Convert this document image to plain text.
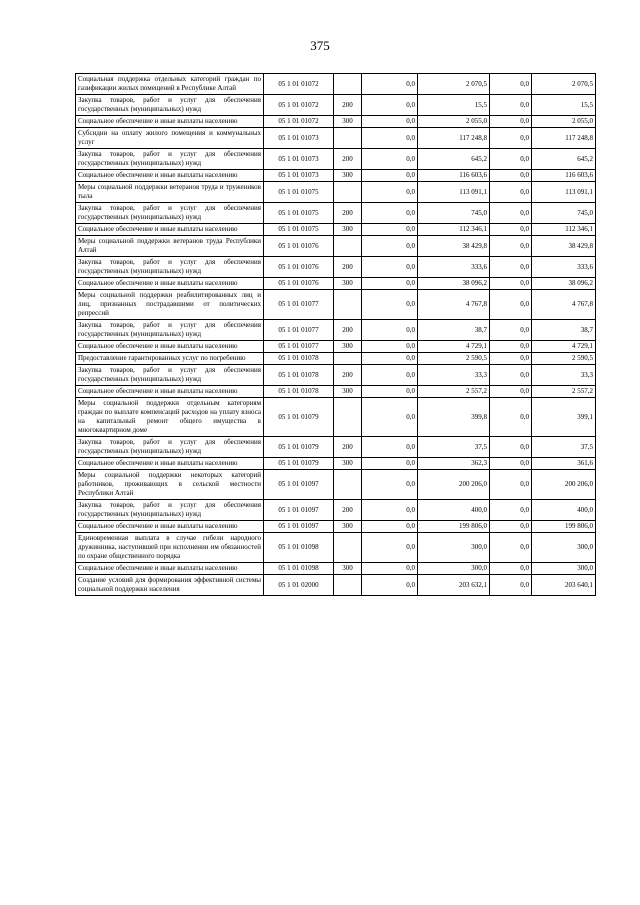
375
Социальная поддержка отдельных категорий граждан по газификации жилых помещений в Республике Алтай	05 1 01 01072		0,0	2 070,5	0,0	2 070,5
Закупка товаров, работ и услуг для обеспечения государственных (муниципальных) нужд	05 1 01 01072	200	0,0	15,5	0,0	15,5
Социальное обеспечение и иные выплаты населению	05 1 01 01072	300	0,0	2 055,0	0,0	2 055,0
Субсидии на оплату жилого помещения и коммунальных услуг	05 1 01 01073		0,0	117 248,8	0,0	117 248,8
Закупка товаров, работ и услуг для обеспечения государственных (муниципальных) нужд	05 1 01 01073	200	0,0	645,2	0,0	645,2
Социальное обеспечение и иные выплаты населению	05 1 01 01073	300	0,0	116 603,6	0,0	116 603,6
Меры социальной поддержки ветеранов труда и тружеников тыла	05 1 01 01075		0,0	113 091,1	0,0	113 091,1
Закупка товаров, работ и услуг для обеспечения государственных (муниципальных) нужд	05 1 01 01075	200	0,0	745,0	0,0	745,0
Социальное обеспечение и иные выплаты населению	05 1 01 01075	300	0,0	112 346,1	0,0	112 346,1
Меры социальной поддержки ветеранов труда Республики Алтай	05 1 01 01076		0,0	38 429,8	0,0	38 429,8
Закупка товаров, работ и услуг для обеспечения государственных (муниципальных) нужд	05 1 01 01076	200	0,0	333,6	0,0	333,6
Социальное обеспечение и иные выплаты населению	05 1 01 01076	300	0,0	38 096,2	0,0	38 096,2
Меры социальной поддержки реабилитированных лиц и лиц, признанных пострадавшими от политических репрессий	05 1 01 01077		0,0	4 767,8	0,0	4 767,8
Закупка товаров, работ и услуг для обеспечения государственных (муниципальных) нужд	05 1 01 01077	200	0,0	38,7	0,0	38,7
Социальное обеспечение и иные выплаты населению	05 1 01 01077	300	0,0	4 729,1	0,0	4 729,1
Предоставление гарантированных услуг по погребению	05 1 01 01078		0,0	2 590,5	0,0	2 590,5
Закупка товаров, работ и услуг для обеспечения государственных (муниципальных) нужд	05 1 01 01078	200	0,0	33,3	0,0	33,3
Социальное обеспечение и иные выплаты населению	05 1 01 01078	300	0,0	2 557,2	0,0	2 557,2
Меры социальной поддержки отдельным категориям граждан по выплате компенсаций расходов на уплату взноса на капитальный ремонт общего имущества в многоквартирном доме	05 1 01 01079		0,0	399,8	0,0	399,1
Закупка товаров, работ и услуг для обеспечения государственных (муниципальных) нужд	05 1 01 01079	200	0,0	37,5	0,0	37,5
Социальное обеспечение и иные выплаты населению	05 1 01 01079	300	0,0	362,3	0,0	361,6
Меры социальной поддержки некоторых категорий работников, проживающих в сельской местности Республики Алтай	05 1 01 01097		0,0	200 206,0	0,0	200 206,0
Закупка товаров, работ и услуг для обеспечения государственных (муниципальных) нужд	05 1 01 01097	200	0,0	400,0	0,0	400,0
Социальное обеспечение и иные выплаты населению	05 1 01 01097	300	0,0	199 806,0	0,0	199 806,0
Единовременная выплата в случае гибели народного дружинника, наступившей при исполнении им обязанностей по охране общественного порядка	05 1 01 01098		0,0	300,0	0,0	300,0
Социальное обеспечение и иные выплаты населению	05 1 01 01098	300	0,0	300,0	0,0	300,0
Создание условий для формирования эффективной системы социальной поддержки населения	05 1 01 02000		0,0	203 632,1	0,0	203 640,1
